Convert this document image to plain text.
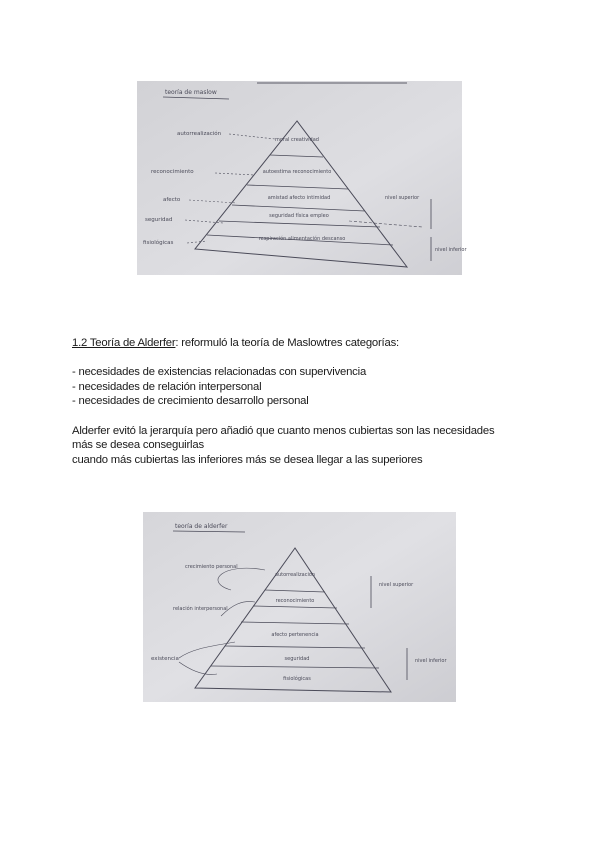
teoría de maslow
moral creatividad
autoestima reconocimiento
amistad afecto intimidad
seguridad física empleo
respiración alimentación descanso
autorrealización
reconocimiento
afecto
seguridad
fisiológicas
nivel superior
nivel inferior

1.2 Teoría de Alderfer: reformuló la teoría de Maslowtres categorías:

- necesidades de existencias relacionadas con supervivencia
- necesidades de relación interpersonal
- necesidades de crecimiento desarrollo personal

Alderfer evitó la jerarquía pero añadió que cuanto menos cubiertas son las necesidades
más se desea conseguirlas
cuando más cubiertas las inferiores más se desea llegar a las superiores

teoría de alderfer
autorrealización
reconocimiento
afecto pertenencia
seguridad
fisiológicas
crecimiento personal
relación interpersonal
existencia
nivel superior
nivel inferior
